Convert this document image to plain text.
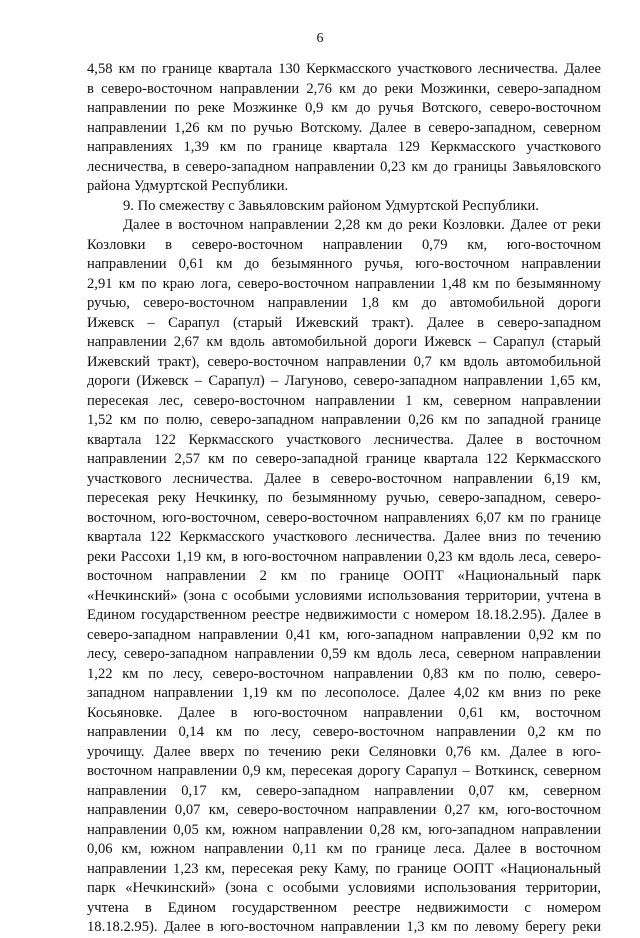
6
4,58 км по границе квартала 130 Керкмасского участкового лесничества. Далее
в северо-восточном направлении 2,76 км до реки Мозжинки, северо-западном
направлении по реке Мозжинке 0,9 км до ручья Вотского, северо-восточном
направлении 1,26 км по ручью Вотскому. Далее в северо-западном, северном
направлениях 1,39 км по границе квартала 129 Керкмасского участкового
лесничества, в северо-западном направлении 0,23 км до границы Завьяловского
района Удмуртской Республики.
9. По смежеству с Завьяловским районом Удмуртской Республики.
Далее в восточном направлении 2,28 км до реки Козловки. Далее от реки
Козловки в северо-восточном направлении 0,79 км, юго-восточном
направлении 0,61 км до безымянного ручья, юго-восточном направлении
2,91 км по краю лога, северо-восточном направлении 1,48 км по безымянному
ручью, северо-восточном направлении 1,8 км до автомобильной дороги
Ижевск – Сарапул (старый Ижевский тракт). Далее в северо-западном
направлении 2,67 км вдоль автомобильной дороги Ижевск – Сарапул (старый
Ижевский тракт), северо-восточном направлении 0,7 км вдоль автомобильной
дороги (Ижевск – Сарапул) – Лагуново, северо-западном направлении 1,65 км,
пересекая лес, северо-восточном направлении 1 км, северном направлении
1,52 км по полю, северо-западном направлении 0,26 км по западной границе
квартала 122 Керкмасского участкового лесничества. Далее в восточном
направлении 2,57 км по северо-западной границе квартала 122 Керкмасского
участкового лесничества. Далее в северо-восточном направлении 6,19 км,
пересекая реку Нечкинку, по безымянному ручью, северо-западном, северо-
восточном, юго-восточном, северо-восточном направлениях 6,07 км по границе
квартала 122 Керкмасского участкового лесничества. Далее вниз по течению
реки Рассохи 1,19 км, в юго-восточном направлении 0,23 км вдоль леса, северо-
восточном направлении 2 км по границе ООПТ «Национальный парк
«Нечкинский» (зона с особыми условиями использования территории, учтена в
Едином государственном реестре недвижимости с номером 18.18.2.95). Далее в
северо-западном направлении 0,41 км, юго-западном направлении 0,92 км по
лесу, северо-западном направлении 0,59 км вдоль леса, северном направлении
1,22 км по лесу, северо-восточном направлении 0,83 км по полю, северо-
западном направлении 1,19 км по лесополосе. Далее 4,02 км вниз по реке
Косьяновке. Далее в юго-восточном направлении 0,61 км, восточном
направлении 0,14 км по лесу, северо-восточном направлении 0,2 км по
урочищу. Далее вверх по течению реки Селяновки 0,76 км. Далее в юго-
восточном направлении 0,9 км, пересекая дорогу Сарапул – Воткинск, северном
направлении 0,17 км, северо-западном направлении 0,07 км, северном
направлении 0,07 км, северо-восточном направлении 0,27 км, юго-восточном
направлении 0,05 км, южном направлении 0,28 км, юго-западном направлении
0,06 км, южном направлении 0,11 км по границе леса. Далее в восточном
направлении 1,23 км, пересекая реку Каму, по границе ООПТ «Национальный
парк «Нечкинский» (зона с особыми условиями использования территории,
учтена в Едином государственном реестре недвижимости с номером
18.18.2.95). Далее в юго-восточном направлении 1,3 км по левому берегу реки
